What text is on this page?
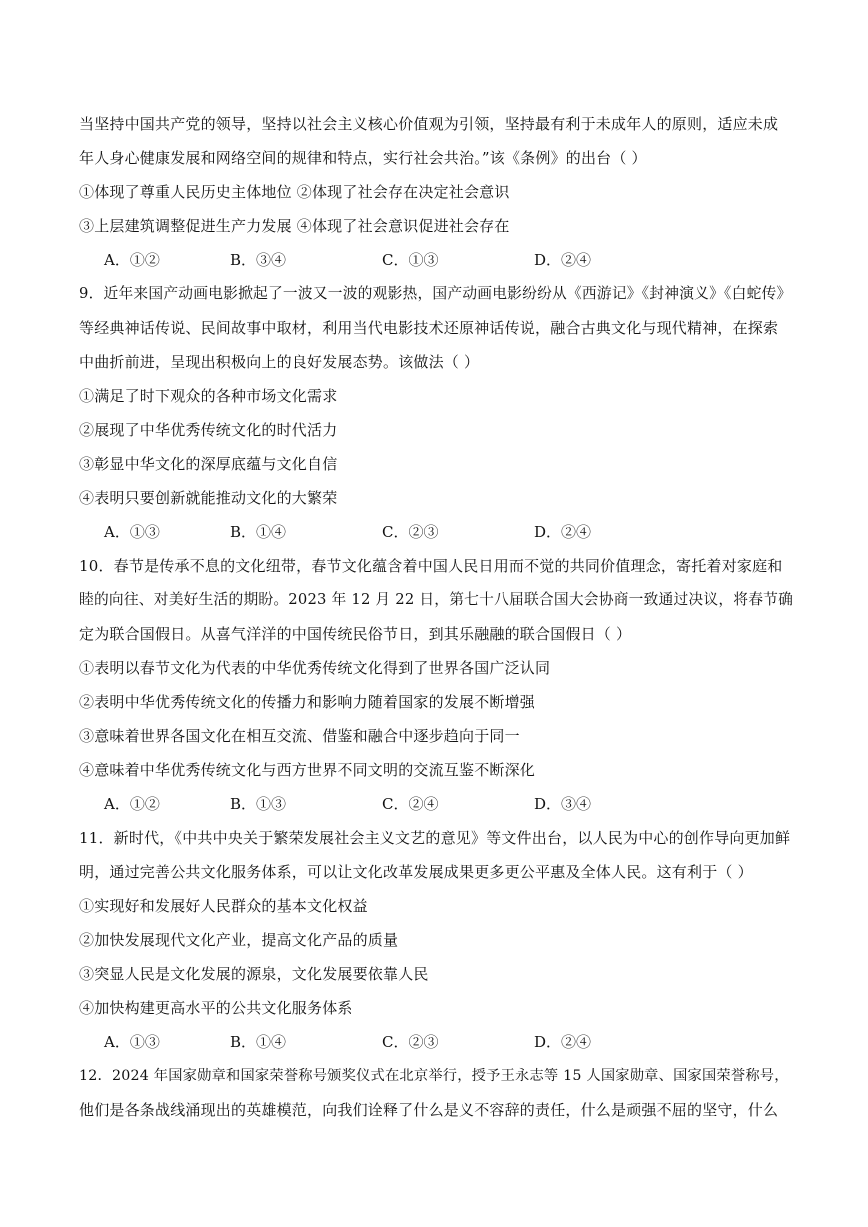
当坚持中国共产党的领导，坚持以社会主义核心价值观为引领，坚持最有利于未成年人的原则，适应未成
年人身心健康发展和网络空间的规律和特点，实行社会共治。”该《条例》的出台（ ）
①体现了尊重人民历史主体地位 ②体现了社会存在决定社会意识
③上层建筑调整促进生产力发展 ④体现了社会意识促进社会存在
A．①②	B．③④	C．①③	D．②④
9．近年来国产动画电影掀起了一波又一波的观影热，国产动画电影纷纷从《西游记》《封神演义》《白蛇传》
等经典神话传说、民间故事中取材，利用当代电影技术还原神话传说，融合古典文化与现代精神，在探索
中曲折前进，呈现出积极向上的良好发展态势。该做法（ ）
①满足了时下观众的各种市场文化需求
②展现了中华优秀传统文化的时代活力
③彰显中华文化的深厚底蕴与文化自信
④表明只要创新就能推动文化的大繁荣
A．①③	B．①④	C．②③	D．②④
10．春节是传承不息的文化纽带，春节文化蕴含着中国人民日用而不觉的共同价值理念，寄托着对家庭和
睦的向往、对美好生活的期盼。2023 年 12 月 22 日，第七十八届联合国大会协商一致通过决议，将春节确
定为联合国假日。从喜气洋洋的中国传统民俗节日，到其乐融融的联合国假日（ ）
①表明以春节文化为代表的中华优秀传统文化得到了世界各国广泛认同
②表明中华优秀传统文化的传播力和影响力随着国家的发展不断增强
③意味着世界各国文化在相互交流、借鉴和融合中逐步趋向于同一
④意味着中华优秀传统文化与西方世界不同文明的交流互鉴不断深化
A．①②	B．①③	C．②④	D．③④
11．新时代，《中共中央关于繁荣发展社会主义文艺的意见》等文件出台，以人民为中心的创作导向更加鲜
明，通过完善公共文化服务体系，可以让文化改革发展成果更多更公平惠及全体人民。这有利于（ ）
①实现好和发展好人民群众的基本文化权益
②加快发展现代文化产业，提高文化产品的质量
③突显人民是文化发展的源泉，文化发展要依靠人民
④加快构建更高水平的公共文化服务体系
A．①③	B．①④	C．②③	D．②④
12．2024 年国家勋章和国家荣誉称号颁奖仪式在北京举行，授予王永志等 15 人国家勋章、国家国荣誉称号，
他们是各条战线涌现出的英雄模范，向我们诠释了什么是义不容辞的责任，什么是顽强不屈的坚守，什么
